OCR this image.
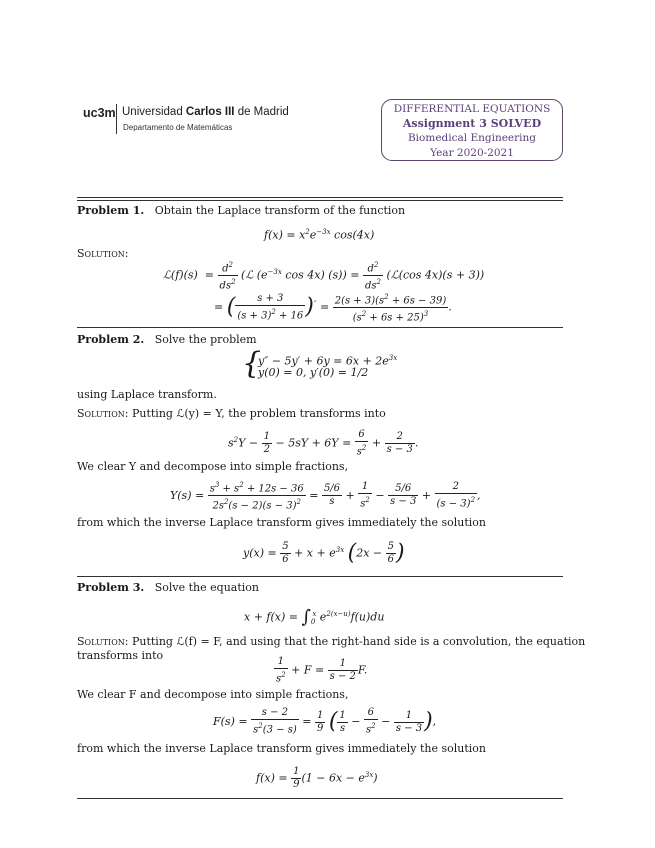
uc3m Universidad Carlos III de Madrid
Departamento de Matemáticas
DIFFERENTIAL EQUATIONS
Assignment 3 SOLVED
Biomedical Engineering
Year 2020-2021
Problem 1. Obtain the Laplace transform of the function
$f(x) = x^2e^{-3x}$ cos(4x)
Solution:
ℒ(f)(s)  = $\frac{d^2}{ds^2}$ (ℒ ($e^{-3x}$ cos 4x) $(s)) = \frac{d^2}{ds^2}$ (ℒ(cos 4x)(s + 3))
= ( $\frac{s + 3}{(s + 3)^2 + 16} )'' = \frac{2(s + 3)(s^2 + 6s - 39)}{(s^2 + 6s + 25)^3}$ .
Problem 2. Solve the problem
{
$y'' - 5y' + 6y = 6x + 2e^{3x}$
y(0) = 0, y′(0) = 1/2
using Laplace transform.
Solution: Putting ℒ(y) = Y, the problem transforms into
$s^2Y - \frac{1}{2} - 5sY + 6Y = \frac{6}{s^2} + \frac{2}{s - 3}$ .
We clear Y and decompose into simple fractions,
$Y(s) = \frac{s^3 + s^2 + 12s - 36}{2s^2(s - 2)(s - 3)^2} = \frac{5/6}{s} + \frac{1}{s^2} - \frac{5/6}{s - 3} + \frac{2}{(s - 3)^2}$ ,
from which the inverse Laplace transform gives immediately the solution
$y(x) = \frac{5}{6} + x + e^{3x}$ ($2x - \frac{5}{6}$ )
Problem 3. Solve the equation
$x + f(x) = \int_0^x$ $e^{2(x-u)}f(u)du$
Solution: Putting ℒ(f) = F, and using that the right-hand side is a convolution, the equation
transforms into
$\frac{1}{s^2} + F = \frac{1}{s - 2} F$.
We clear F and decompose into simple fractions,
$F(s) = \frac{s - 2}{s^2(3 - s)} = \frac{1}{9}$ ( $\frac{1}{s} - \frac{6}{s^2} - \frac{1}{s - 3}$ ),
from which the inverse Laplace transform gives immediately the solution
$f(x) = \frac{1}{9} (1 - 6x - e^{3x})$
